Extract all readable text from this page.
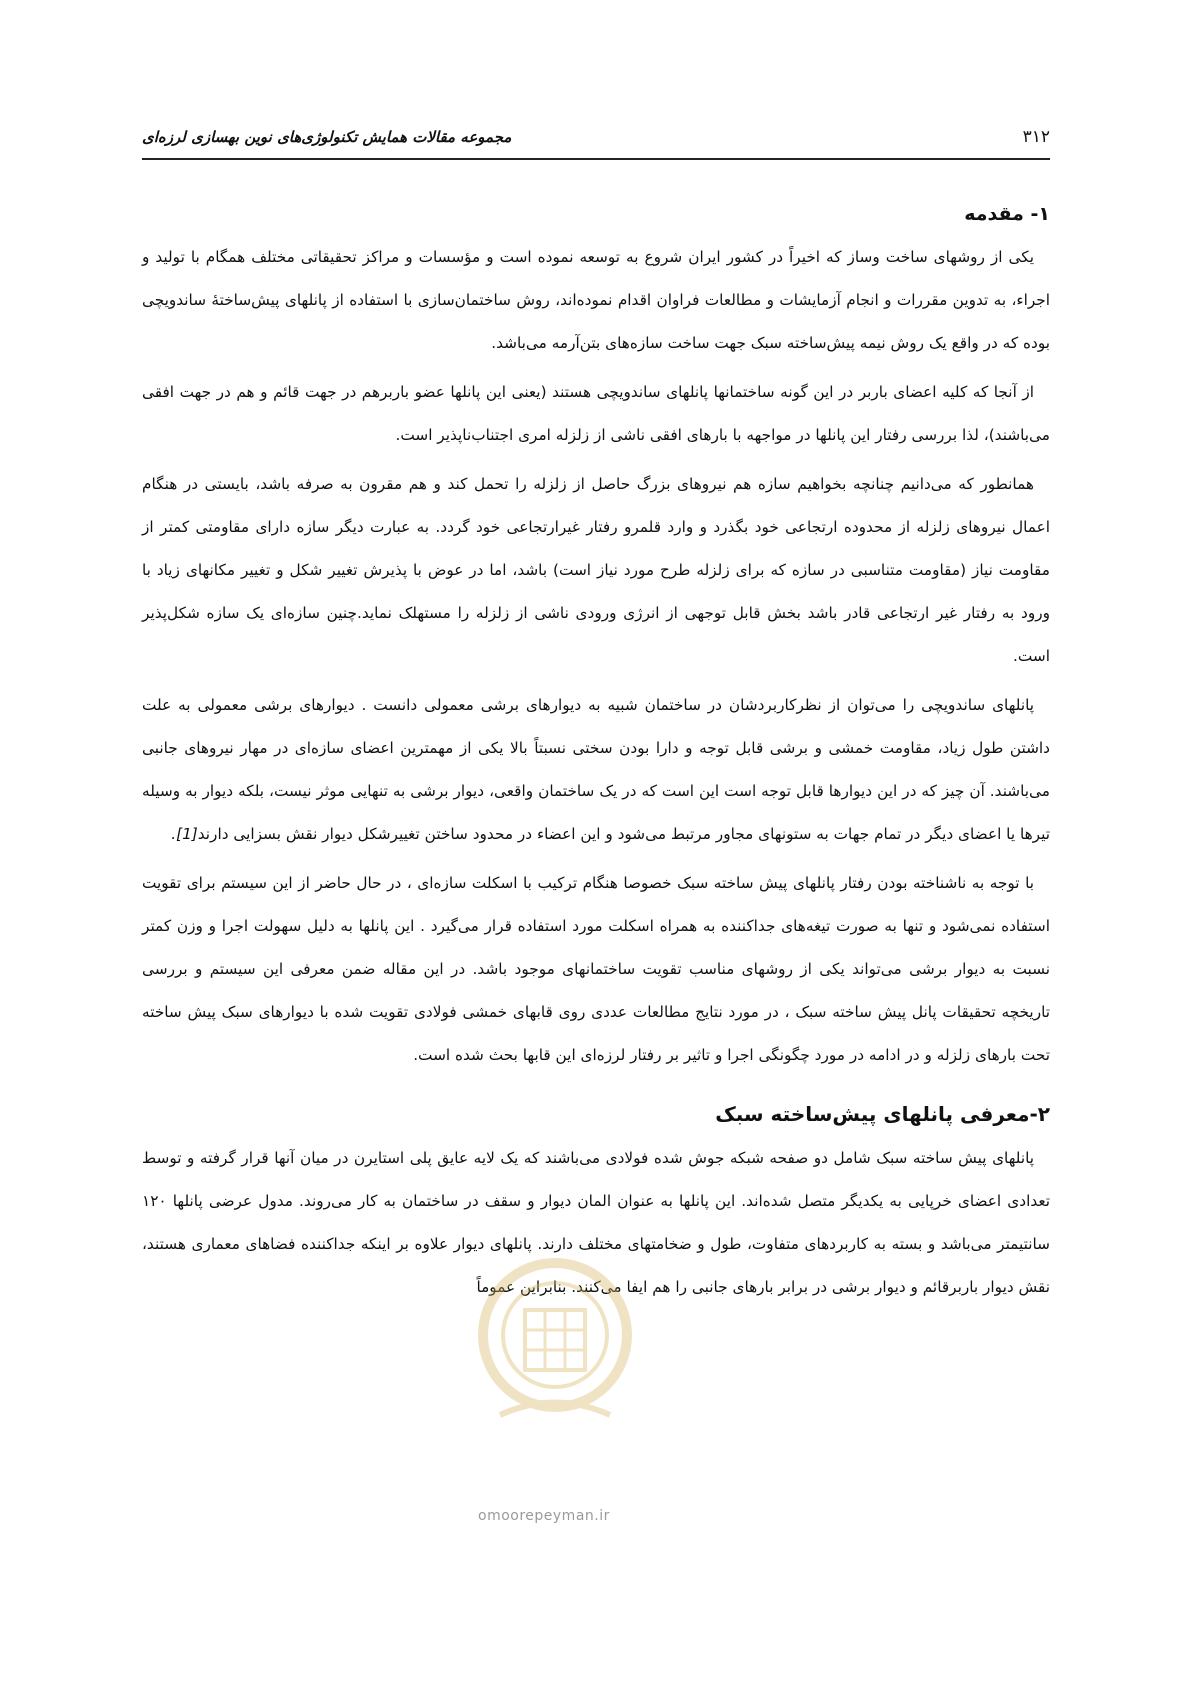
۳۱۲
مجموعه مقالات همایش تکنولوژی‌های نوین بهسازی لرزه‌ای
۱- مقدمه

یکی از روشهای ساخت وساز که اخیراً در کشور ایران شروع به توسعه نموده است و مؤسسات و مراکز تحقیقاتی مختلف همگام با تولید و اجراء، به تدوین مقررات و انجام آزمایشات و مطالعات فراوان اقدام نموده‌اند، روش ساختمان‌سازی با استفاده از پانلهای پیش‌ساختهٔ ساندویچی بوده که در واقع یک روش نیمه پیش‌ساخته سبک جهت ساخت سازه‌های بتن‌آرمه می‌باشد.

از آنجا که کلیه اعضای باربر در این گونه ساختمانها پانلهای ساندویچی هستند (یعنی این پانلها عضو باربرهم در جهت قائم و هم در جهت افقی می‌باشند)، لذا بررسی رفتار این پانلها در مواجهه با بارهای افقی ناشی از زلزله امری اجتناب‌ناپذیر است.

همانطور که می‌دانیم چنانچه بخواهیم سازه هم نیروهای بزرگ حاصل از زلزله را تحمل کند و هم مقرون به صرفه باشد، بایستی در هنگام اعمال نیروهای زلزله از محدوده ارتجاعی خود بگذرد و وارد قلمرو رفتار غیرارتجاعی خود گردد. به عبارت دیگر سازه دارای مقاومتی کمتر از مقاومت نیاز (مقاومت متناسبی در سازه که برای زلزله طرح مورد نیاز است) باشد، اما در عوض با پذیرش تغییر شکل و تغییر مکانهای زیاد با ورود به رفتار غیر ارتجاعی قادر باشد بخش قابل توجهی از انرژی ورودی ناشی از زلزله را مستهلک نماید.چنین سازه‌ای یک سازه شکل‌پذیر است.

پانلهای ساندویچی را می‌توان از نظرکاربردشان در ساختمان شبیه به دیوارهای برشی معمولی دانست . دیوارهای برشی معمولی به علت داشتن طول زیاد، مقاومت خمشی و برشی قابل توجه و دارا بودن سختی نسبتاً بالا یکی از مهمترین اعضای سازه‌ای در مهار نیروهای جانبی می‌باشند. آن چیز که در این دیوارها قابل توجه است این است که در یک ساختمان واقعی، دیوار برشی به تنهایی موثر نیست، بلکه دیوار به وسیله تیرها یا اعضای دیگر در تمام جهات به ستونهای مجاور مرتبط می‌شود و این اعضاء در محدود ساختن تغییرشکل دیوار نقش بسزایی دارند[1].

با توجه به ناشناخته بودن رفتار پانلهای پیش ساخته سبک خصوصا هنگام ترکیب با اسکلت سازه‌ای ، در حال حاضر از این سیستم برای تقویت استفاده نمی‌شود و تنها به صورت تیغه‌های جداکننده به همراه اسکلت مورد استفاده قرار می‌گیرد . این پانلها به دلیل سهولت اجرا و وزن کمتر نسبت به دیوار برشی می‌تواند یکی از روشهای مناسب تقویت ساختمانهای موجود باشد. در این مقاله ضمن معرفی این سیستم و بررسی تاریخچه تحقیقات پانل پیش ساخته سبک ، در مورد نتایج مطالعات عددی روی قابهای خمشی فولادی تقویت شده با دیوارهای سبک پیش ساخته تحت بارهای زلزله و در ادامه در مورد چگونگی اجرا و تاثیر بر رفتار لرزه‌ای این قابها بحث شده است.

۲-معرفی پانلهای پیش‌ساخته سبک

پانلهای پیش ساخته سبک شامل دو صفحه شبکه جوش شده فولادی می‌باشند که یک لایه عایق پلی استایرن در میان آنها قرار گرفته و توسط تعدادی اعضای خرپایی به یکدیگر متصل شده‌اند. این پانلها به عنوان المان دیوار و سقف در ساختمان به کار می‌روند. مدول عرضی پانلها ۱۲۰ سانتیمتر می‌باشد و بسته به کاربردهای متفاوت، طول و ضخامتهای مختلف دارند. پانلهای دیوار علاوه بر اینکه جداکننده فضاهای معماری هستند، نقش دیوار باربرقائم و دیوار برشی در برابر بارهای جانبی را هم ایفا می‌کنند. بنابراین عموماً

omoorepeyman.ir
